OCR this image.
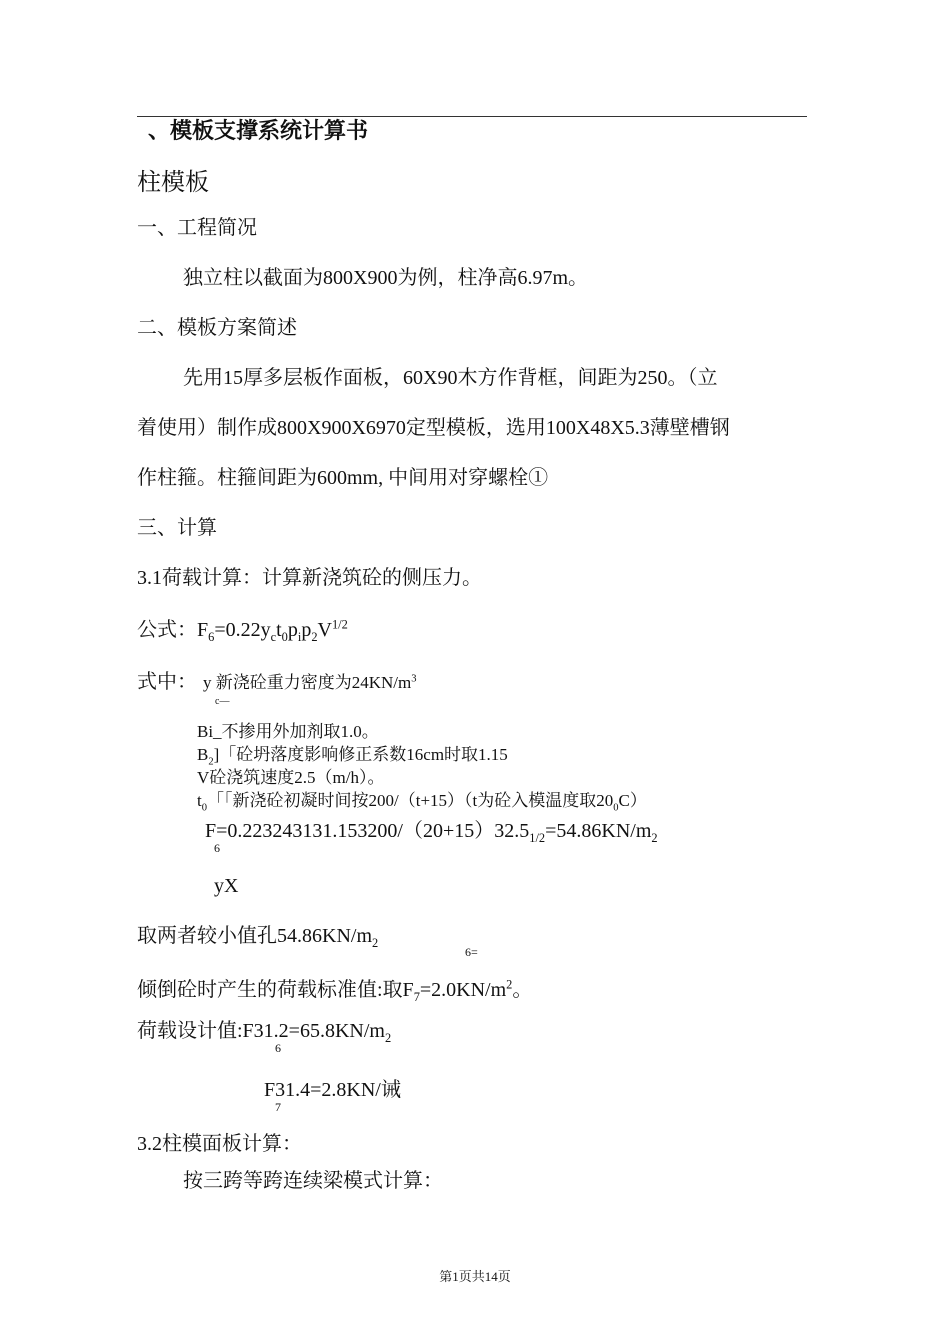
、模板支撑系统计算书
柱模板
一、工程简况
独立柱以截面为800X900为例，柱净高6.97m。
二、模板方案简述
先用15厚多层板作面板，60X90木方作背框，间距为250。（立
着使用）制作成800X900X6970定型模板，选用100X48X5.3薄壁槽钢
作柱箍。柱箍间距为600mm, 中间用对穿螺栓①
三、计算
3.1荷载计算：计算新浇筑砼的侧压力。
公式：$F_6=0.22y_ct_0p_ip_2V^{1/2}$
式中： y 新浇砼重力密度为$24KN/m^3$
c—
Bi_不掺用外加剂取1.0。
$B_2$]「砼坍落度影响修正系数16cm时取1.15
V砼浇筑速度2.5（m/h）。
$t_0$「「新浇砼初凝时间按200/（t+15）（t为砼入模温度取$20_0C$）
$F=0.223243131.153200/(20+15)32.5_{1/2}=54.86KN/m_2$
6
yX
取两者较小值孔$54.86KN/m_2$
6=
倾倒砼时产生的荷载标准值:取$F_7=2.0KN/m^2$。
荷载设计值$:F31.2=65.8KN/m_2$
6
F31.4=2.8KN/诫
7
3.2柱模面板计算：
按三跨等跨连续梁模式计算：
第1页共14页
